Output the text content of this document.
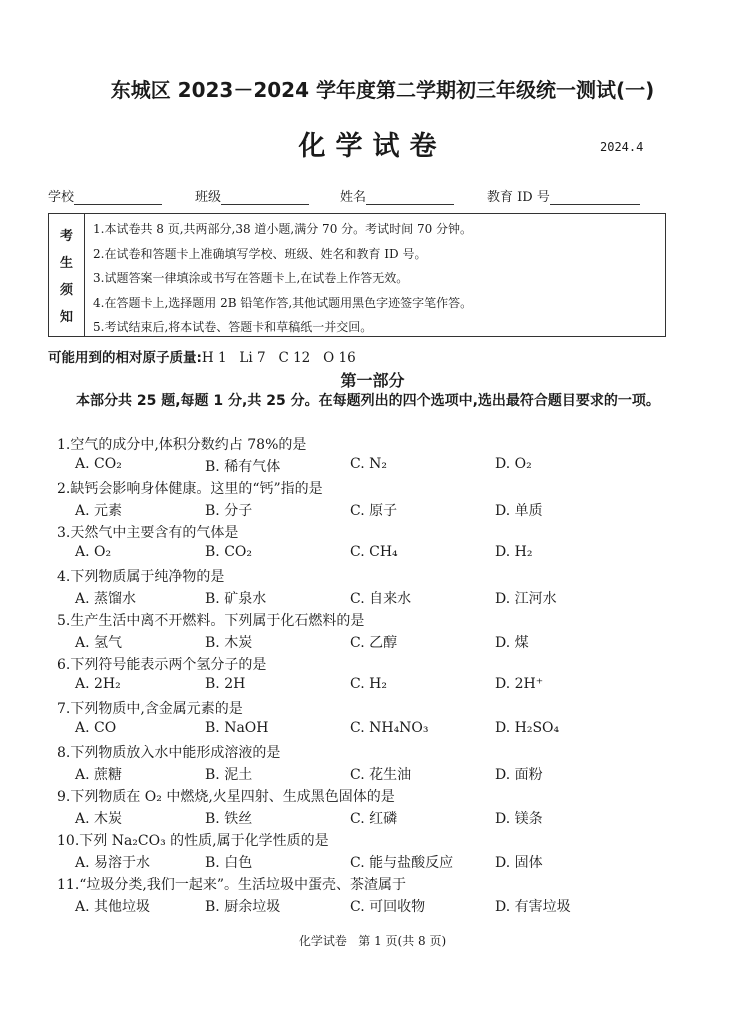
东城区 2023－2024 学年度第二学期初三年级统一测试(一)
化学试卷	2024.4
学校	班级	姓名	教育 ID 号
考
生
须
知
1.本试卷共 8 页,共两部分,38 道小题,满分 70 分。考试时间 70 分钟。
2.在试卷和答题卡上准确填写学校、班级、姓名和教育 ID 号。
3.试题答案一律填涂或书写在答题卡上,在试卷上作答无效。
4.在答题卡上,选择题用 2B 铅笔作答,其他试题用黑色字迹签字笔作答。
5.考试结束后,将本试卷、答题卡和草稿纸一并交回。
可能用到的相对原子质量:H 1   Li 7   C 12   O 16
第一部分
本部分共 25 题,每题 1 分,共 25 分。在每题列出的四个选项中,选出最符合题目要求的一项。
1.空气的成分中,体积分数约占 78%的是
A. CO₂	B. 稀有气体	C. N₂	D. O₂
2.缺钙会影响身体健康。这里的“钙”指的是
A. 元素	B. 分子	C. 原子	D. 单质
3.天然气中主要含有的气体是
A. O₂	B. CO₂	C. CH₄	D. H₂
4.下列物质属于纯净物的是
A. 蒸馏水	B. 矿泉水	C. 自来水	D. 江河水
5.生产生活中离不开燃料。下列属于化石燃料的是
A. 氢气	B. 木炭	C. 乙醇	D. 煤
6.下列符号能表示两个氢分子的是
A. 2H₂	B. 2H	C. H₂	D. 2H⁺
7.下列物质中,含金属元素的是
A. CO	B. NaOH	C. NH₄NO₃	D. H₂SO₄
8.下列物质放入水中能形成溶液的是
A. 蔗糖	B. 泥土	C. 花生油	D. 面粉
9.下列物质在 O₂ 中燃烧,火星四射、生成黑色固体的是
A. 木炭	B. 铁丝	C. 红磷	D. 镁条
10.下列 Na₂CO₃ 的性质,属于化学性质的是
A. 易溶于水	B. 白色	C. 能与盐酸反应	D. 固体
11.“垃圾分类,我们一起来”。生活垃圾中蛋壳、茶渣属于
A. 其他垃圾	B. 厨余垃圾	C. 可回收物	D. 有害垃圾
化学试卷   第 1 页(共 8 页)
